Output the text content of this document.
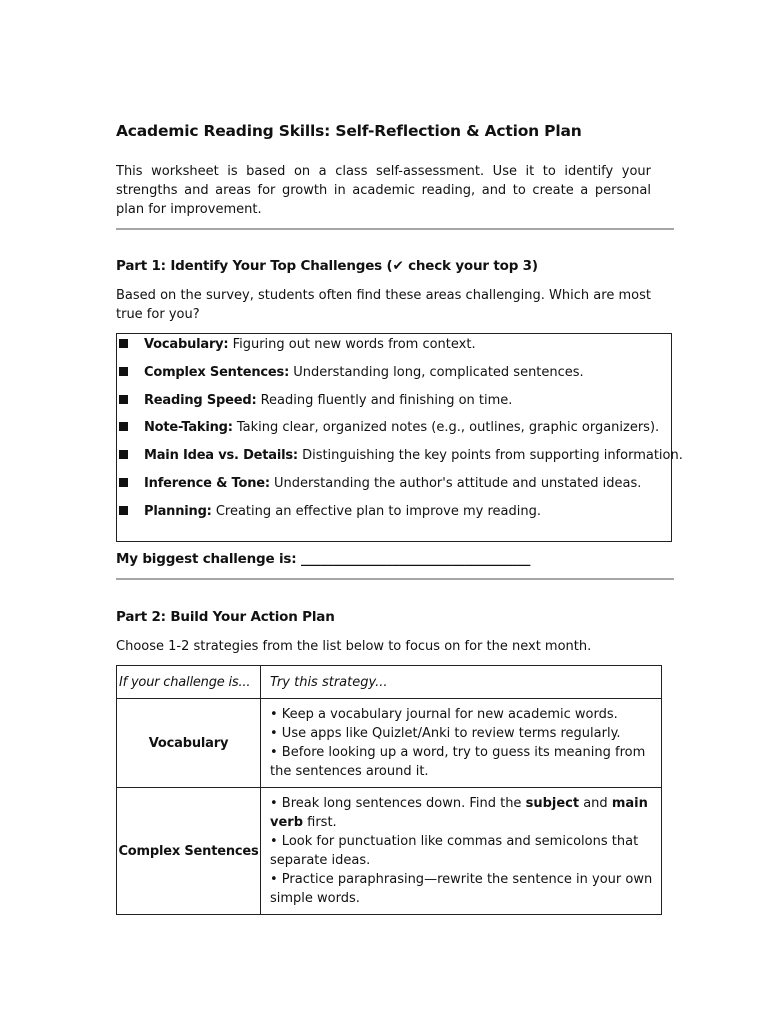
Academic Reading Skills: Self-Reflection & Action Plan
This worksheet is based on a class self-assessment. Use it to identify your strengths and areas for growth in academic reading, and to create a personal plan for improvement.
Part 1: Identify Your Top Challenges (✔ check your top 3)
Based on the survey, students often find these areas challenging. Which are most true for you?
Vocabulary: Figuring out new words from context.
Complex Sentences: Understanding long, complicated sentences.
Reading Speed: Reading fluently and finishing on time.
Note-Taking: Taking clear, organized notes (e.g., outlines, graphic organizers).
Main Idea vs. Details: Distinguishing the key points from supporting information.
Inference & Tone: Understanding the author's attitude and unstated ideas.
Planning: Creating an effective plan to improve my reading.
My biggest challenge is: ___________________________________
Part 2: Build Your Action Plan
Choose 1-2 strategies from the list below to focus on for the next month.
If your challenge is...	Try this strategy...
Vocabulary	• Keep a vocabulary journal for new academic words.
• Use apps like Quizlet/Anki to review terms regularly.
• Before looking up a word, try to guess its meaning from the sentences around it.

Complex Sentences	• Break long sentences down. Find the subject and main verb first.
• Look for punctuation like commas and semicolons that separate ideas.
• Practice paraphrasing—rewrite the sentence in your own simple words.
